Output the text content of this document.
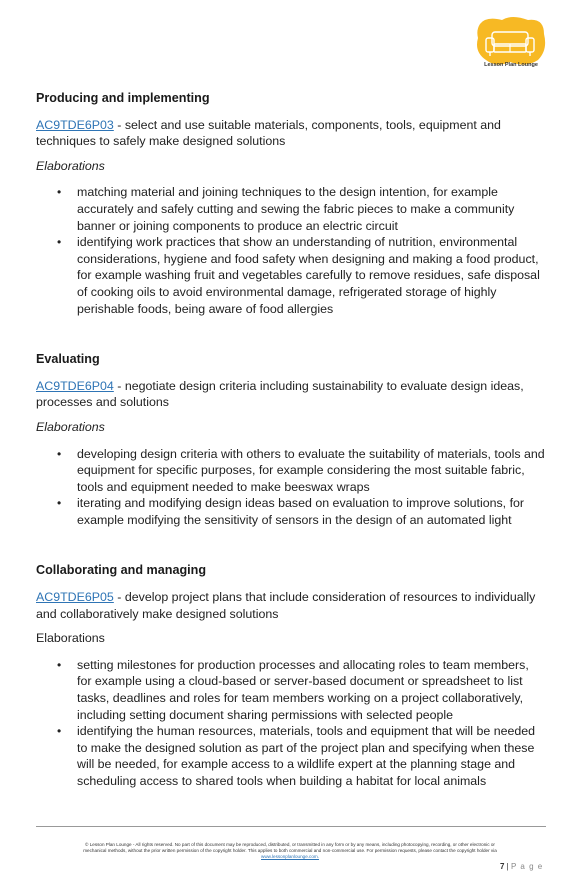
Lesson Plan Lounge
Producing and implementing
AC9TDE6P03 - select and use suitable materials, components, tools, equipment and techniques to safely make designed solutions
Elaborations
• matching material and joining techniques to the design intention, for example accurately and safely cutting and sewing the fabric pieces to make a community banner or joining components to produce an electric circuit
• identifying work practices that show an understanding of nutrition, environmental considerations, hygiene and food safety when designing and making a food product, for example washing fruit and vegetables carefully to remove residues, safe disposal of cooking oils to avoid environmental damage, refrigerated storage of highly perishable foods, being aware of food allergies
Evaluating
AC9TDE6P04 - negotiate design criteria including sustainability to evaluate design ideas, processes and solutions
Elaborations
• developing design criteria with others to evaluate the suitability of materials, tools and equipment for specific purposes, for example considering the most suitable fabric, tools and equipment needed to make beeswax wraps
• iterating and modifying design ideas based on evaluation to improve solutions, for example modifying the sensitivity of sensors in the design of an automated light
Collaborating and managing
AC9TDE6P05 - develop project plans that include consideration of resources to individually and collaboratively make designed solutions
Elaborations
• setting milestones for production processes and allocating roles to team members, for example using a cloud-based or server-based document or spreadsheet to list tasks, deadlines and roles for team members working on a project collaboratively, including setting document sharing permissions with selected people
• identifying the human resources, materials, tools and equipment that will be needed to make the designed solution as part of the project plan and specifying when these will be needed, for example access to a wildlife expert at the planning stage and scheduling access to shared tools when building a habitat for local animals
© Lesson Plan Lounge - All rights reserved. No part of this document may be reproduced, distributed, or transmitted in any form or by any means, including photocopying, recording, or other electronic or
mechanical methods, without the prior written permission of the copyright holder. This applies to both commercial and non-commercial use. For permission requests, please contact the copyright holder via
www.lessonplanlounge.com.
7 | P a g e
